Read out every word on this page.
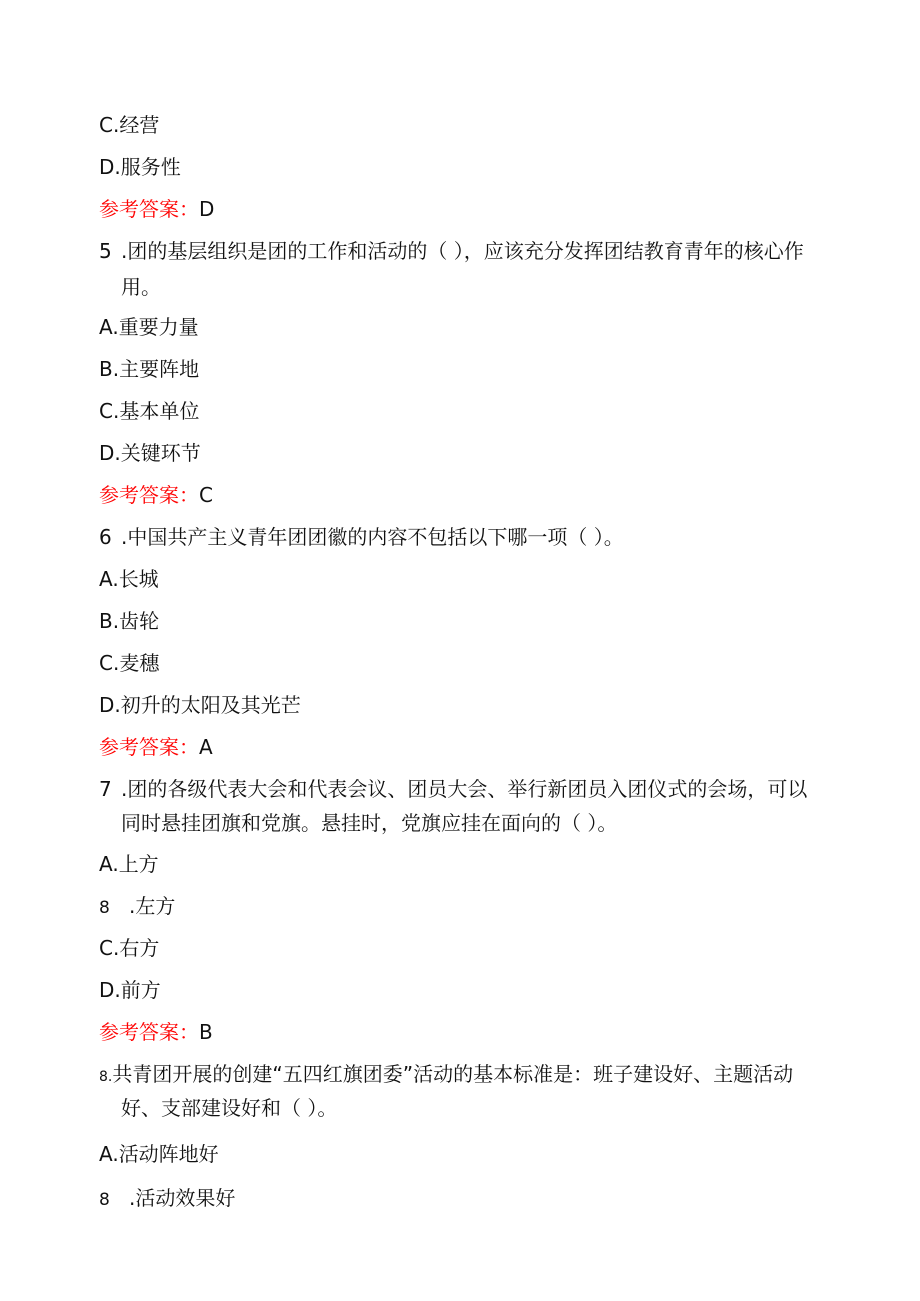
C.经营
D.服务性
参考答案：D
5 .团的基层组织是团的工作和活动的（ ），应该充分发挥团结教育青年的核心作
用。
A.重要力量
B.主要阵地
C.基本单位
D.关键环节
参考答案：C
6 .中国共产主义青年团团徽的内容不包括以下哪一项（ ）。
A.长城
B.齿轮
C.麦穗
D.初升的太阳及其光芒
参考答案：A
7 .团的各级代表大会和代表会议、团员大会、举行新团员入团仪式的会场，可以
同时悬挂团旗和党旗。悬挂时，党旗应挂在面向的（ ）。
A.上方
8 .左方
C.右方
D.前方
参考答案：B
8.共青团开展的创建“五四红旗团委”活动的基本标准是：班子建设好、主题活动
好、支部建设好和（ ）。
A.活动阵地好
8 .活动效果好
